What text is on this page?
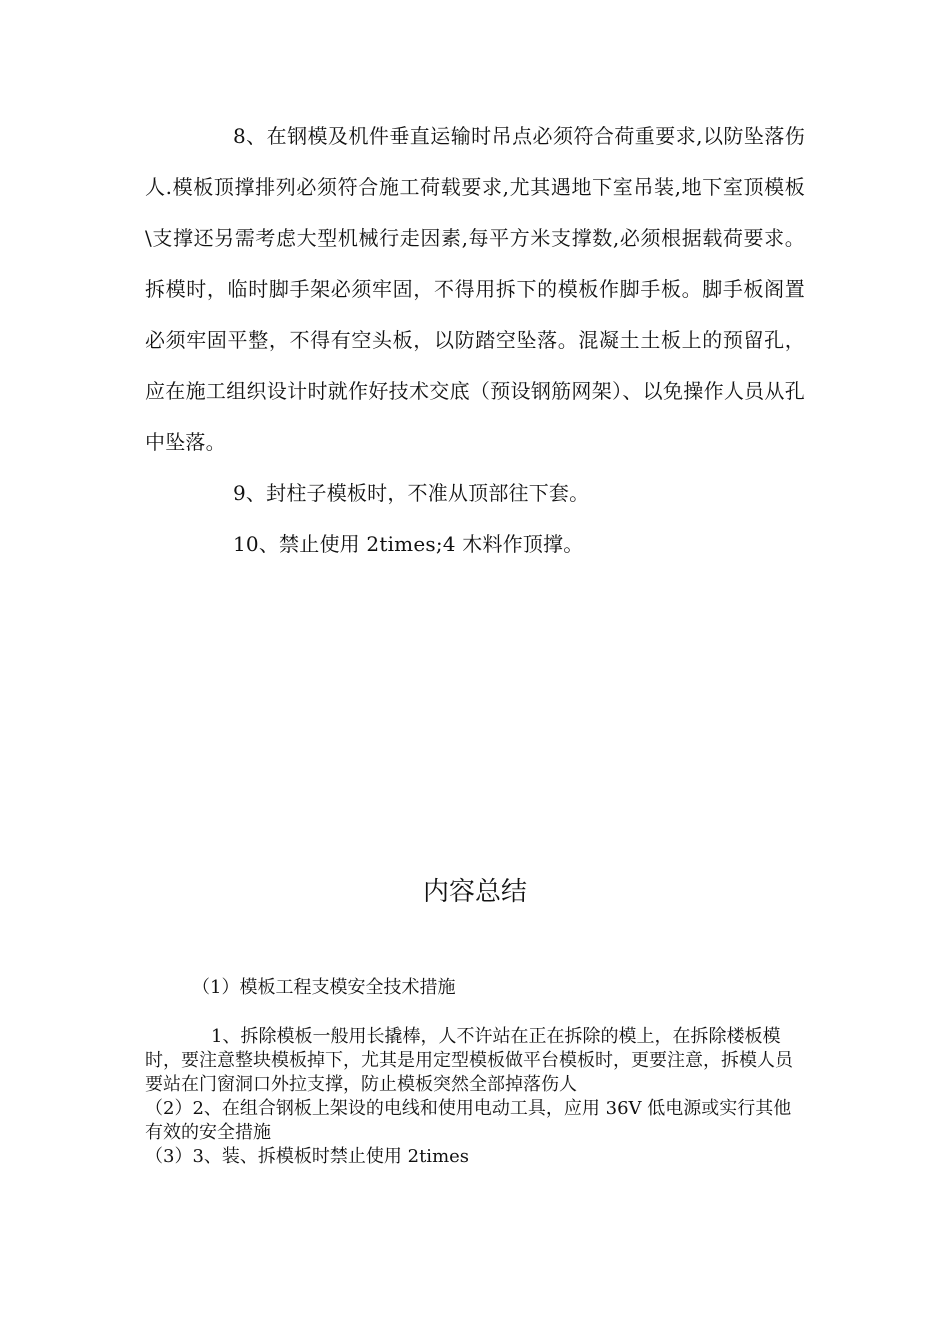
8、在钢模及机件垂直运输时吊点必须符合荷重要求,以防坠落伤人.模板顶撑排列必须符合施工荷载要求,尤其遇地下室吊装,地下室顶模板\支撑还另需考虑大型机械行走因素,每平方米支撑数,必须根据载荷要求。拆模时，临时脚手架必须牢固，不得用拆下的模板作脚手板。脚手板阁置必须牢固平整，不得有空头板，以防踏空坠落。混凝土土板上的预留孔，应在施工组织设计时就作好技术交底（预设钢筋网架）、以免操作人员从孔中坠落。

9、封柱子模板时，不准从顶部往下套。

10、禁止使用 2times;4 木料作顶撑。

内容总结
（1）模板工程支模安全技术措施

1、拆除模板一般用长撬棒，人不许站在正在拆除的模上，在拆除楼板模时，要注意整块模板掉下，尤其是用定型模板做平台模板时，更要注意，拆模人员要站在门窗洞口外拉支撑，防止模板突然全部掉落伤人

（2）2、在组合钢板上架设的电线和使用电动工具，应用 36V 低电源或实行其他有效的安全措施

（3）3、装、拆模板时禁止使用 2times
